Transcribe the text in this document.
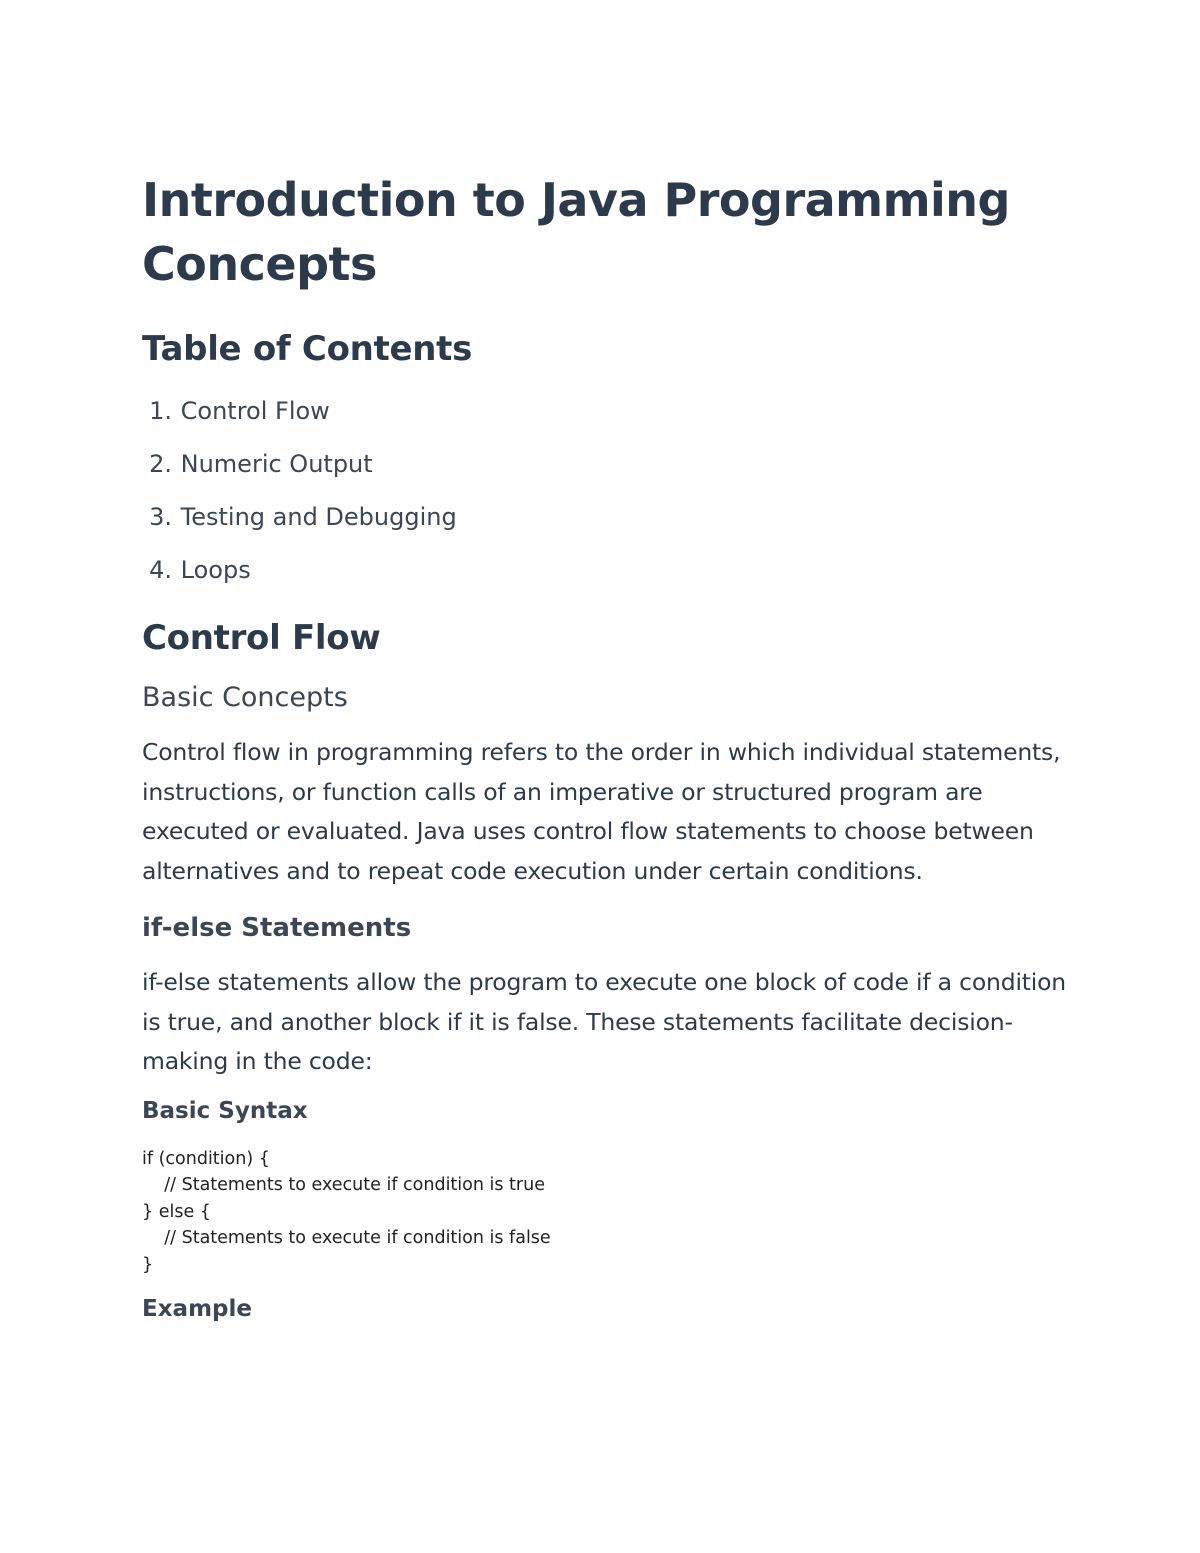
Introduction to Java Programming Concepts
Table of Contents
1. Control Flow
2. Numeric Output
3. Testing and Debugging
4. Loops
Control Flow
Basic Concepts

Control flow in programming refers to the order in which individual statements, instructions, or function calls of an imperative or structured program are executed or evaluated. Java uses control flow statements to choose between alternatives and to repeat code execution under certain conditions.

if-else Statements

if-else statements allow the program to execute one block of code if a condition is true, and another block if it is false. These statements facilitate decision-making in the code:

Basic Syntax
if (condition) {
// Statements to execute if condition is true
} else {
// Statements to execute if condition is false
}
Example
